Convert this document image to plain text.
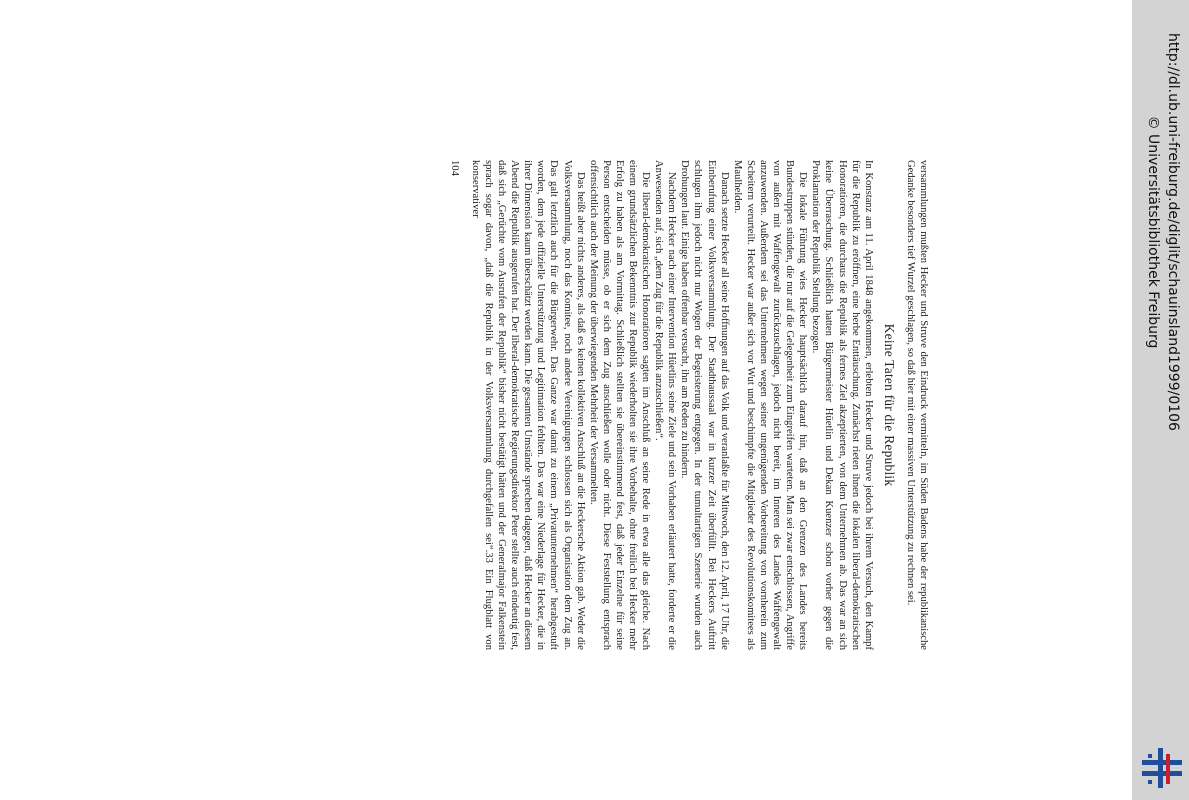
versammlungen mußten Hecker und Struve den Eindruck vermitteln, im Süden Badens habe der republikanische Gedanke besonders tief Wurzel geschlagen, so daß hier mit einer massiven Unterstützung zu rechnen sei.

Keine Taten für die Republik

In Konstanz am 11. April 1848 angekommen, erlebten Hecker und Struve jedoch bei ihrem Versuch, den Kampf für die Republik zu eröffnen, eine herbe Enttäuschung. Zunächst rieten ihnen die lokalen liberal-demokratischen Honoratioren, die durchaus die Republik als fernes Ziel akzeptierten, von dem Unternehmen ab. Das war an sich keine Überraschung. Schließlich hatten Bürgermeister Hüetlin und Dekan Kuenzer schon vorher gegen die Proklamation der Republik Stellung bezogen.

Die lokale Führung wies Hecker hauptsächlich darauf hin, daß an den Grenzen des Landes bereits Bundestruppen stünden, die nur auf die Gelegenheit zum Eingreifen warteten. Man sei zwar entschlossen, Angriffe von außen mit Waffengewalt zurückzuschlagen, jedoch nicht bereit, im Inneren des Landes Waffengewalt anzuwenden. Außerdem sei das Unternehmen wegen seiner ungenügenden Vorbereitung von vornherein zum Scheitern verurteilt. Hecker war außer sich vor Wut und beschimpfte die Mitglieder des Revolutionskomitees als Maulhelden.

Danach setzte Hecker all seine Hoffnungen auf das Volk und veranlaßte für Mittwoch, den 12. April, 17 Uhr, die Einberufung einer Volksversammlung. Der Stadthaussaal war in kurzer Zeit überfüllt. Bei Heckers Auftritt schlugen ihm jedoch nicht nur Wogen der Begeisterung entgegen. In der tumultartigen Szenerie wurden auch Drohungen laut. Einige haben offenbar versucht, ihn am Reden zu hindern.

Nachdem Hecker nach einer Intervention Hüetlins seine Ziele und sein Vorhaben erläutert hatte, forderte er die Anwesenden auf, sich „dem Zug für die Republik anzuschließen“.

Die liberal-demokratischen Honoratioren sagten im Anschluß an seine Rede in etwa alle das gleiche. Nach einem grundsätzlichen Bekenntnis zur Republik wiederholten sie ihre Vorbehalte, ohne freilich bei Hecker mehr Erfolg zu haben als am Vormittag. Schließlich stellten sie übereinstimmend fest, daß jeder Einzelne für seine Person entscheiden müsse, ob er sich dem Zug anschließen wolle oder nicht. Diese Feststellung entsprach offensichtlich auch der Meinung der überwiegenden Mehrheit der Versammelten.

Das heißt aber nichts anderes, als daß es keinen kollektiven Anschluß an die Heckersche Aktion gab. Weder die Volksversammlung, noch das Komitee, noch andere Vereinigungen schlossen sich als Organisation dem Zug an. Das galt letztlich auch für die Bürgerwehr. Das Ganze war damit zu einem „Privatunternehmen“ herabgestuft worden, dem jede offizielle Unterstützung und Legitimation fehlten. Das war eine Niederlage für Hecker, die in ihrer Dimension kaum überschätzt werden kann. Die gesamten Umstände sprechen dagegen, daß Hecker an diesem Abend die Republik ausgerufen hat. Der liberal-demokratische Regierungsdirektor Peter stellte auch eindeutig fest, daß sich „Gerüchte vom Ausrufen der Republik“ bisher nicht bestätigt hätten und der Generalmajor Falkenstein sprach sogar davon, „daß die Republik in der Volksversammlung durchgefallen sei“.33 Ein Flugblatt von konservativer

104	http://dl.ub.uni-freiburg.de/diglit/schauinsland1999/0106
© Universitätsbibliothek Freiburg
